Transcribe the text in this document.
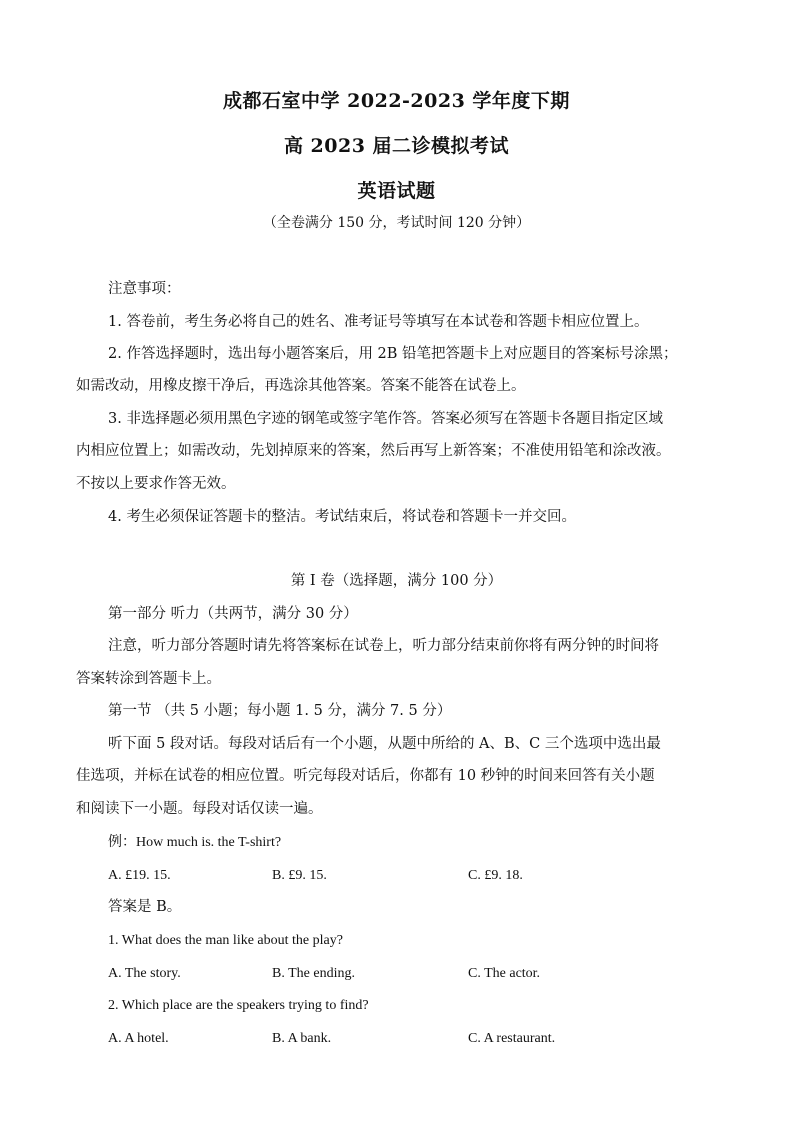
成都石室中学 2022-2023 学年度下期
高 2023 届二诊模拟考试
英语试题
（全卷满分 150 分，考试时间 120 分钟）
注意事项：
1. 答卷前，考生务必将自己的姓名、准考证号等填写在本试卷和答题卡相应位置上。
2. 作答选择题时，选出每小题答案后，用 2B 铅笔把答题卡上对应题目的答案标号涂黑；
如需改动，用橡皮擦干净后，再选涂其他答案。答案不能答在试卷上。
3. 非选择题必须用黑色字迹的钢笔或签字笔作答。答案必须写在答题卡各题目指定区域
内相应位置上；如需改动，先划掉原来的答案，然后再写上新答案；不准使用铅笔和涂改液。
不按以上要求作答无效。
4. 考生必须保证答题卡的整洁。考试结束后，将试卷和答题卡一并交回。
第 I 卷（选择题，满分 100 分）
第一部分 听力（共两节，满分 30 分）
注意，听力部分答题时请先将答案标在试卷上，听力部分结束前你将有两分钟的时间将
答案转涂到答题卡上。
第一节 （共 5 小题；每小题 1. 5 分，满分 7. 5 分）
听下面 5 段对话。每段对话后有一个小题，从题中所给的 A、B、C 三个选项中选出最
佳选项，并标在试卷的相应位置。听完每段对话后，你都有 10 秒钟的时间来回答有关小题
和阅读下一小题。每段对话仅读一遍。
例：How much is. the T-shirt?
A. £19. 15.	B. £9. 15.	C. £9. 18.
答案是 B。
1. What does the man like about the play?
A. The story.	B. The ending.	C. The actor.
2. Which place are the speakers trying to find?
A. A hotel.	B. A bank.	C. A restaurant.
